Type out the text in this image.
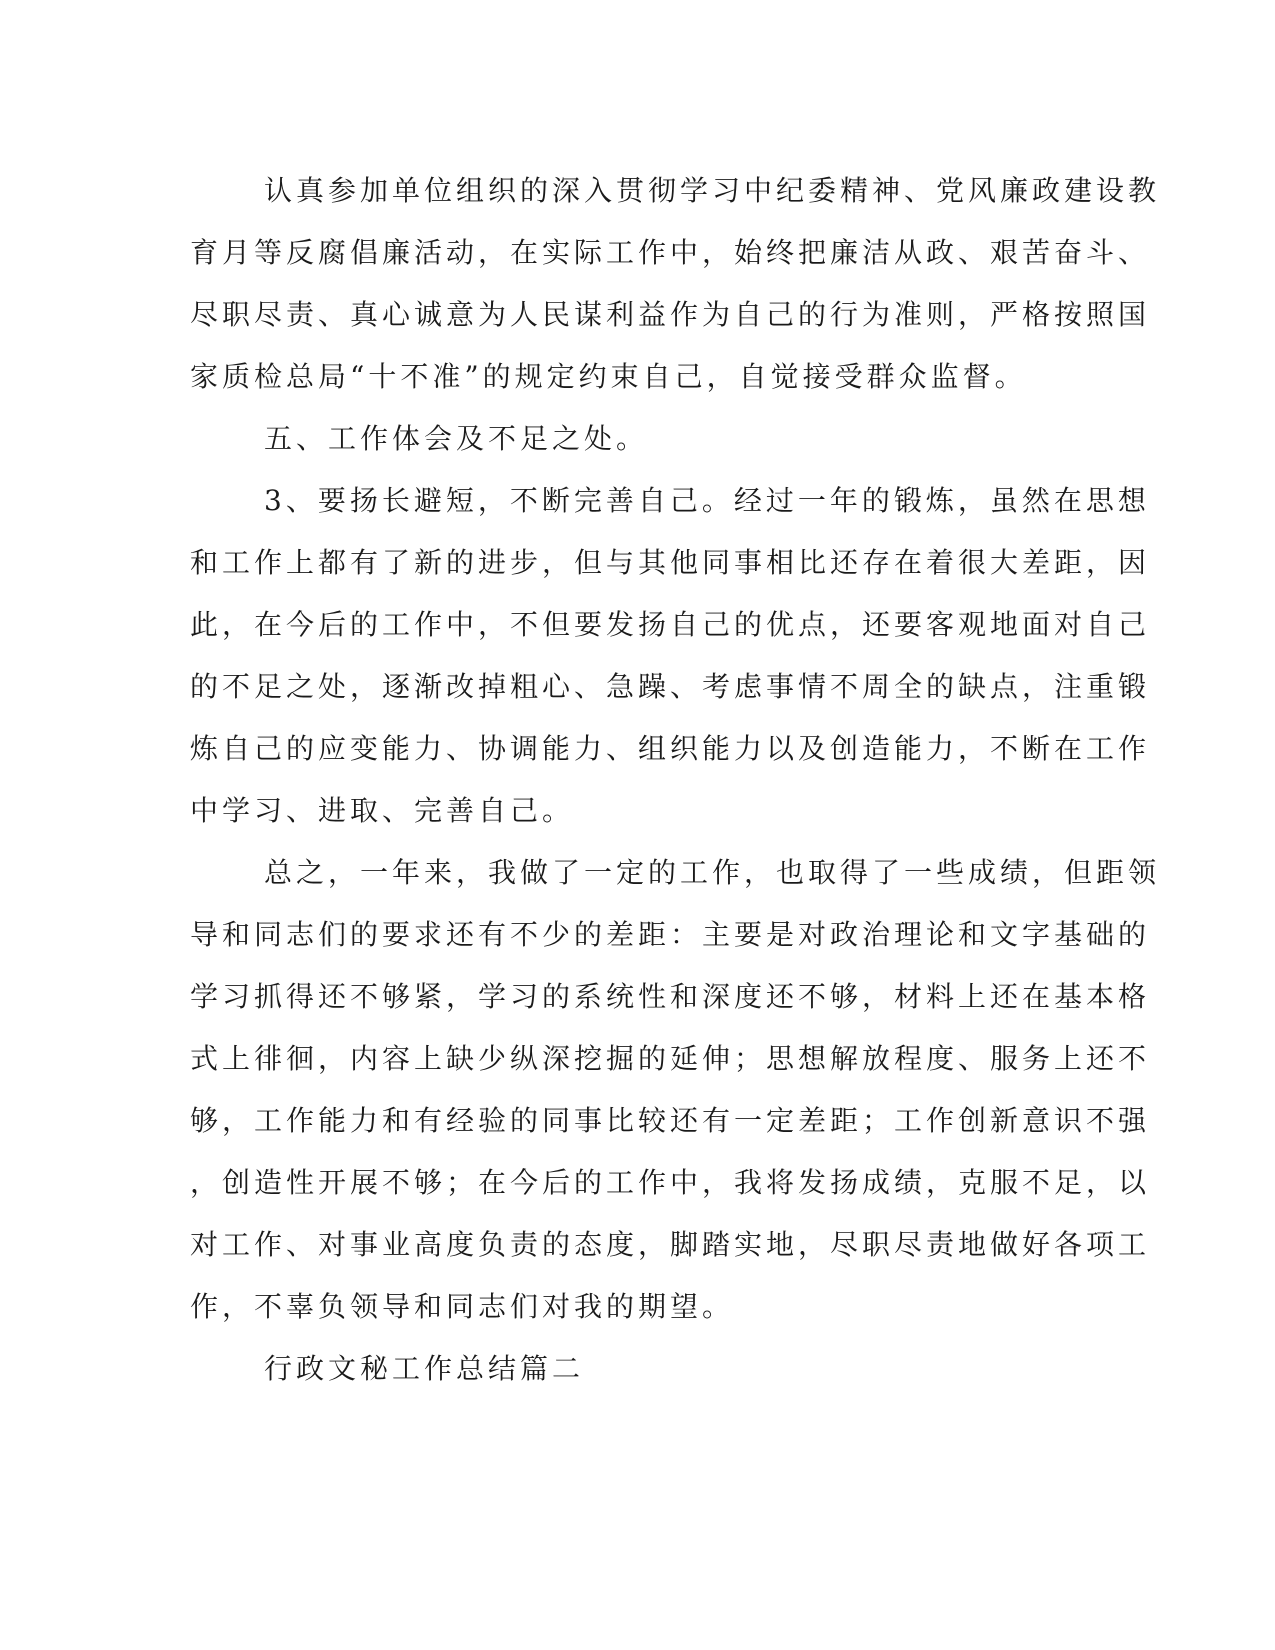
认真参加单位组织的深入贯彻学习中纪委精神、党风廉政建设教
育月等反腐倡廉活动，在实际工作中，始终把廉洁从政、艰苦奋斗、
尽职尽责、真心诚意为人民谋利益作为自己的行为准则，严格按照国
家质检总局“十不准”的规定约束自己，自觉接受群众监督。
五、工作体会及不足之处。
3、要扬长避短，不断完善自己。经过一年的锻炼，虽然在思想
和工作上都有了新的进步，但与其他同事相比还存在着很大差距，因
此，在今后的工作中，不但要发扬自己的优点，还要客观地面对自己
的不足之处，逐渐改掉粗心、急躁、考虑事情不周全的缺点，注重锻
炼自己的应变能力、协调能力、组织能力以及创造能力，不断在工作
中学习、进取、完善自己。
总之，一年来，我做了一定的工作，也取得了一些成绩，但距领
导和同志们的要求还有不少的差距：主要是对政治理论和文字基础的
学习抓得还不够紧，学习的系统性和深度还不够，材料上还在基本格
式上徘徊，内容上缺少纵深挖掘的延伸；思想解放程度、服务上还不
够，工作能力和有经验的同事比较还有一定差距；工作创新意识不强
，创造性开展不够；在今后的工作中，我将发扬成绩，克服不足，以
对工作、对事业高度负责的态度，脚踏实地，尽职尽责地做好各项工
作，不辜负领导和同志们对我的期望。
行政文秘工作总结篇二
